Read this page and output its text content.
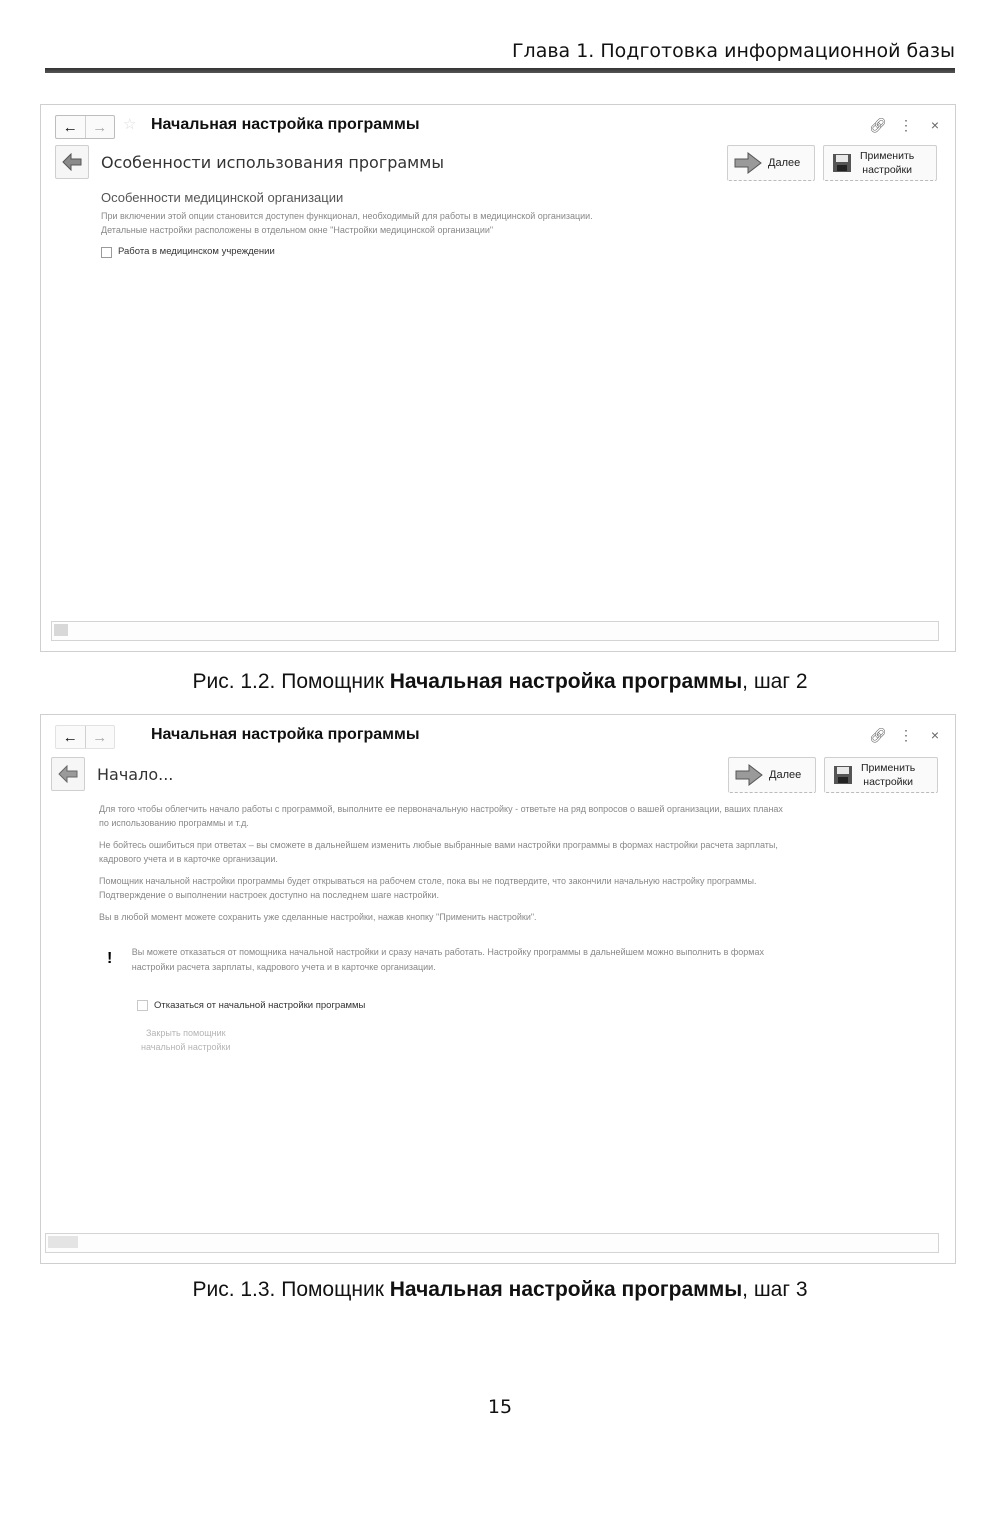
Глава 1. Подготовка информационной базы
← →	☆ Начальная настройка программы	🔗︎ ⋮ ×
Особенности использования программы	Далее
Применить
настройки
Особенности медицинской организации
При включении этой опции становится доступен функционал, необходимый для работы в медицинской организации.
Детальные настройки расположены в отдельном окне "Настройки медицинской организации"
Работа в медицинском учреждении
Рис. 1.2. Помощник Начальная настройка программы, шаг 2
← →	Начальная настройка программы	🔗︎ ⋮ ×
Начало...	Далее
Применить
настройки

Для того чтобы облегчить начало работы с программой, выполните ее первоначальную настройку - ответьте на ряд вопросов о вашей организации, ваших планах по использованию программы и т.д.

Не бойтесь ошибиться при ответах – вы сможете в дальнейшем изменить любые выбранные вами настройки программы в формах настройки расчета зарплаты, кадрового учета и в карточке организации.

Помощник начальной настройки программы будет открываться на рабочем столе, пока вы не подтвердите, что закончили начальную настройку программы. Подтверждение о выполнении настроек доступно на последнем шаге настройки.

Вы в любой момент можете сохранить уже сделанные настройки, нажав кнопку "Применить настройки".

! Вы можете отказаться от помощника начальной настройки и сразу начать работать. Настройку программы в дальнейшем можно выполнить в формах настройки расчета зарплаты, кадрового учета и в карточке организации.
Отказаться от начальной настройки программы
Закрыть помощник
начальной настройки
Рис. 1.3. Помощник Начальная настройка программы, шаг 3
15
